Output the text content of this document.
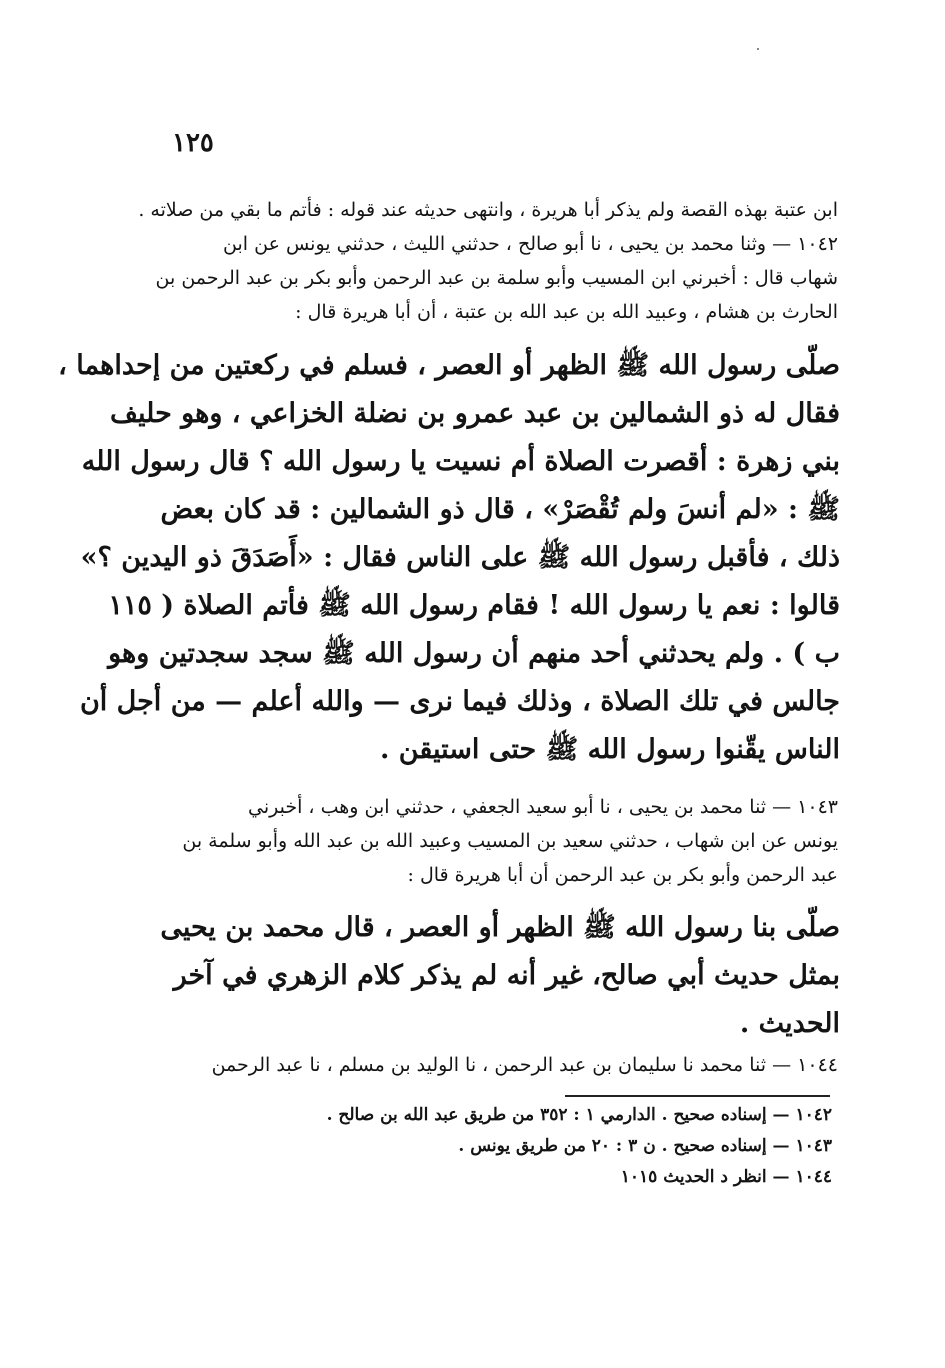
١٢٥
ابن عتبة بهذه القصة ولم يذكر أبا هريرة ، وانتهى حديثه عند قوله : فأتم ما بقي من صلاته .
١٠٤٢ — وثنا محمد بن يحيى ، نا أبو صالح ، حدثني الليث ، حدثني يونس عن ابن
شهاب قال : أخبرني ابن المسيب وأبو سلمة بن عبد الرحمن وأبو بكر بن عبد الرحمن بن
الحارث بن هشام ، وعبيد الله بن عبد الله بن عتبة ، أن أبا هريرة قال :
صلّى رسول الله ﷺ الظهر أو العصر ، فسلم في ركعتين من إحداهما ،
فقال له ذو الشمالين بن عبد عمرو بن نضلة الخزاعي ، وهو حليف
بني زهرة : أقصرت الصلاة أم نسيت يا رسول الله ؟ قال رسول الله
ﷺ : «لم أنسَ ولم تُقْصَرْ» ، قال ذو الشمالين : قد كان بعض
ذلك ، فأقبل رسول الله ﷺ على الناس فقال : «أَصَدَقَ ذو اليدين ؟»
قالوا : نعم يا رسول الله ! فقام رسول الله ﷺ فأتم الصلاة ( ١١٥
ب ) . ولم يحدثني أحد منهم أن رسول الله ﷺ سجد سجدتين وهو
جالس في تلك الصلاة ، وذلك فيما نرى — والله أعلم — من أجل أن
الناس يقّنوا رسول الله ﷺ حتى استيقن .
١٠٤٣ — ثنا محمد بن يحيى ، نا أبو سعيد الجعفي ، حدثني ابن وهب ، أخبرني
يونس عن ابن شهاب ، حدثني سعيد بن المسيب وعبيد الله بن عبد الله وأبو سلمة بن
عبد الرحمن وأبو بكر بن عبد الرحمن أن أبا هريرة قال :
صلّى بنا رسول الله ﷺ الظهر أو العصر ، قال محمد بن يحيى
بمثل حديث أبي صالح، غير أنه لم يذكر كلام الزهري في آخر
الحديث .
١٠٤٤ — ثنا محمد نا سليمان بن عبد الرحمن ، نا الوليد بن مسلم ، نا عبد الرحمن
١٠٤٢ — إسناده صحيح . الدارمي ١ : ٣٥٢ من طريق عبد الله بن صالح .
١٠٤٣ — إسناده صحيح . ن ٣ : ٢٠ من طريق يونس .
١٠٤٤ — انظر د الحديث ١٠١٥
